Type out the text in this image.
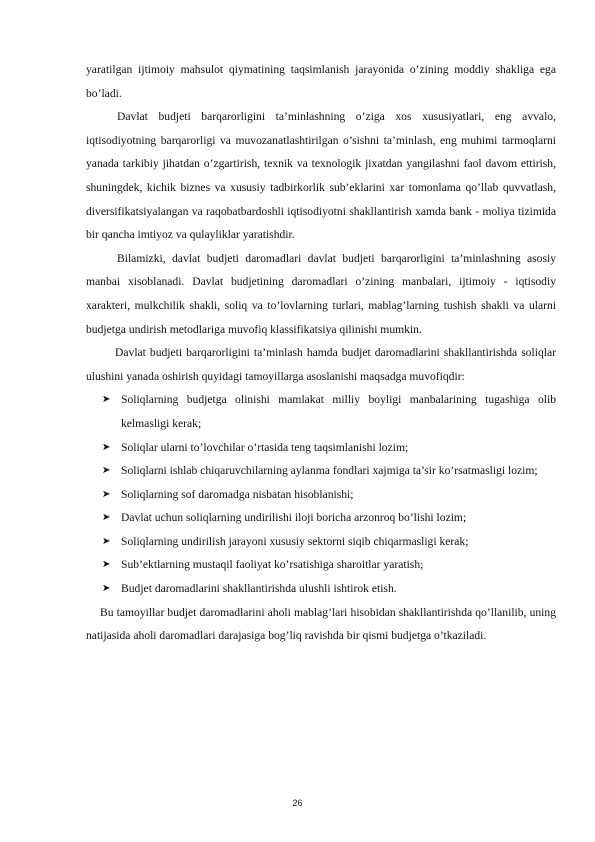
yaratilgan ijtimoiy mahsulot qiymatining taqsimlanish jarayonida o’zining moddiy shakliga ega bo’ladi.

Davlat budjeti barqarorligini ta’minlashning o’ziga xos xususiyatlari, eng avvalo, iqtisodiyotning barqarorligi va muvozanatlashtirilgan o’sishni ta’minlash, eng muhimi tarmoqlarni yanada tarkibiy jihatdan o’zgartirish, texnik va texnologik jixatdan yangilashni faol davom ettirish, shuningdek, kichik biznes va xususiy tadbirkorlik sub’eklarini xar tomonlama qo’llab quvvatlash, diversifikatsiyalangan va raqobatbardoshli iqtisodiyotni shakllantirish xamda bank - moliya tizimida bir qancha imtiyoz va qulayliklar yaratishdir.

Bilamizki, davlat budjeti daromadlari davlat budjeti barqarorligini ta’minlashning asosiy manbai xisoblanadi. Davlat budjetining daromadlari o’zining manbalari, ijtimoiy - iqtisodiy xarakteri, mulkchilik shakli, soliq va to’lovlarning turlari, mablag’larning tushish shakli va ularni budjetga undirish metodlariga muvofiq klassifikatsiya qilinishi mumkin.

Davlat budjeti barqarorligini ta’minlash hamda budjet daromadlarini shakllantirishda soliqlar ulushini yanada oshirish quyidagi tamoyillarga asoslanishi maqsadga muvofiqdir:

➤ Soliqlarning budjetga olinishi mamlakat milliy boyligi manbalarining tugashiga olib kelmasligi kerak;
➤ Soliqlar ularni to’lovchilar o’rtasida teng taqsimlanishi lozim;
➤ Soliqlarni ishlab chiqaruvchilarning aylanma fondlari xajmiga ta’sir ko’rsatmasligi lozim;
➤ Soliqlarning sof daromadga nisbatan hisoblanishi;
➤ Davlat uchun soliqlarning undirilishi iloji boricha arzonroq bo’lishi lozim;
➤ Soliqlarning undirilish jarayoni xususiy sektorni siqib chiqarmasligi kerak;
➤ Sub’ektlarning mustaqil faoliyat ko’rsatishiga sharoitlar yaratish;
➤ Budjet daromadlarini shakllantirishda ulushli ishtirok etish.

Bu tamoyillar budjet daromadlarini aholi mablag’lari hisobidan shakllantirishda qo’llanilib, uning natijasida aholi daromadlari darajasiga bog’liq ravishda bir qismi budjetga o’tkaziladi.

26
